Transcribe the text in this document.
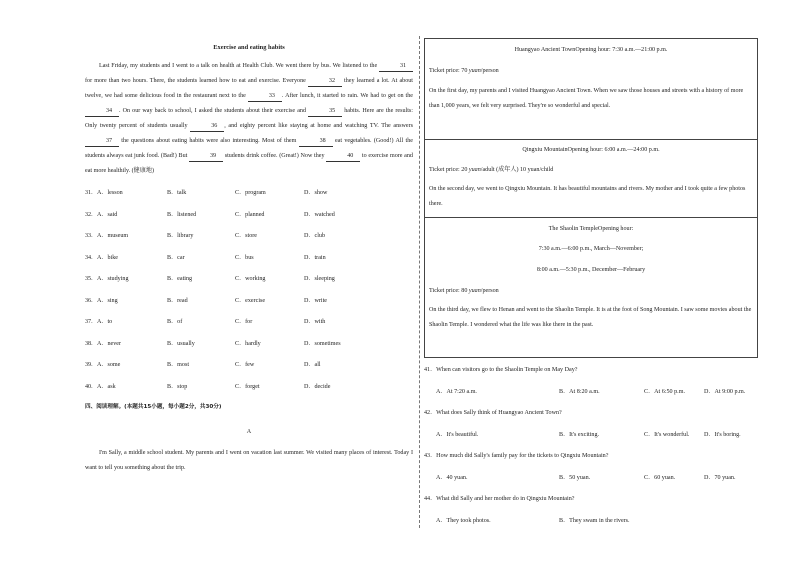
Exercise and eating habits

Last Friday, my students and I went to a talk on health at Health Club. We went there by bus. We listened to the	31 for more than two hours. There, the students learned how to eat and exercise. Everyone	32 they learned a lot. At about twelve, we had some delicious food in the restaurant next to the	33 . After lunch, it started to rain. We had to get on the 34 . On our way back to school, I asked the students about their exercise and	35 habits. Here are the results: Only twenty percent of students usually	36 , and eighty percent like staying at home and watching TV. The answers 37 the questions about eating habits were also interesting. Most of them	38 eat vegetables. (Good!) All the students always eat junk food. (Bad!) But	39 students drink coffee. (Great!) Now they	40 to exercise more and eat more healthily. (健康地)

31. A．lesson	B．talk	C．program	D．show
32. A．said	B．listened	C．planned	D．watched
33. A．museum	B．library	C．store	D．club
34. A．bike	B．car	C．bus	D．train
35. A．studying	B．eating	C．working	D．sleeping
36. A．sing	B．read	C．exercise	D．write
37. A．to	B．of	C．for	D．with
38. A．never	B．usually	C．hardly	D．sometimes
39. A．some	B．most	C．few	D．all
40. A．ask	B．stop	C．forget	D．decide
四、阅读理解。(本题共15小题，每小题2分，共30分)
A
I'm Sally, a middle school student. My parents and I went on vacation last summer. We visited many places of interest. Today I want to tell you something about the trip.
Huangyao Ancient TownOpening hour: 7:30 a.m.—21:00 p.m.

Ticket price: 70 yuan/person

On the first day, my parents and I visited Huangyao Ancient Town. When we saw those houses and streets with a history of more than 1,000 years, we felt very surprised. They're so wonderful and special.

Qingxiu MountainOpening hour: 6:00 a.m.—24:00 p.m.

Ticket price: 20 yuan/adult (成年人) 10 yuan/child

On the second day, we went to Qingxiu Mountain. It has beautiful mountains and rivers. My mother and I took quite a few photos there.

The Shaolin TempleOpening hour:
7:30 a.m.—6:00 p.m., March—November;
8:00 a.m.—5:30 p.m., December—February

Ticket price: 80 yuan/person

On the third day, we flew to Henan and went to the Shaolin Temple. It is at the foot of Song Mountain. I saw some movies about the Shaolin Temple. I wondered what the life was like there in the past.

41．When can visitors go to the Shaolin Temple on May Day?
A．At 7:20 a.m.	B．At 8:20 a.m.	C．At 6:50 p.m.	D．At 9:00 p.m.
42．What does Sally think of Huangyao Ancient Town?
A．It's beautiful.	B．It's exciting.	C．It's wonderful. D．It's boring.
43．How much did Sally's family pay for the tickets to Qingxiu Mountain?
A．40 yuan.	B．50 yuan.	C．60 yuan.	D．70 yuan.
44．What did Sally and her mother do in Qingxiu Mountain?
A．They took photos.	B．They swam in the rivers.
